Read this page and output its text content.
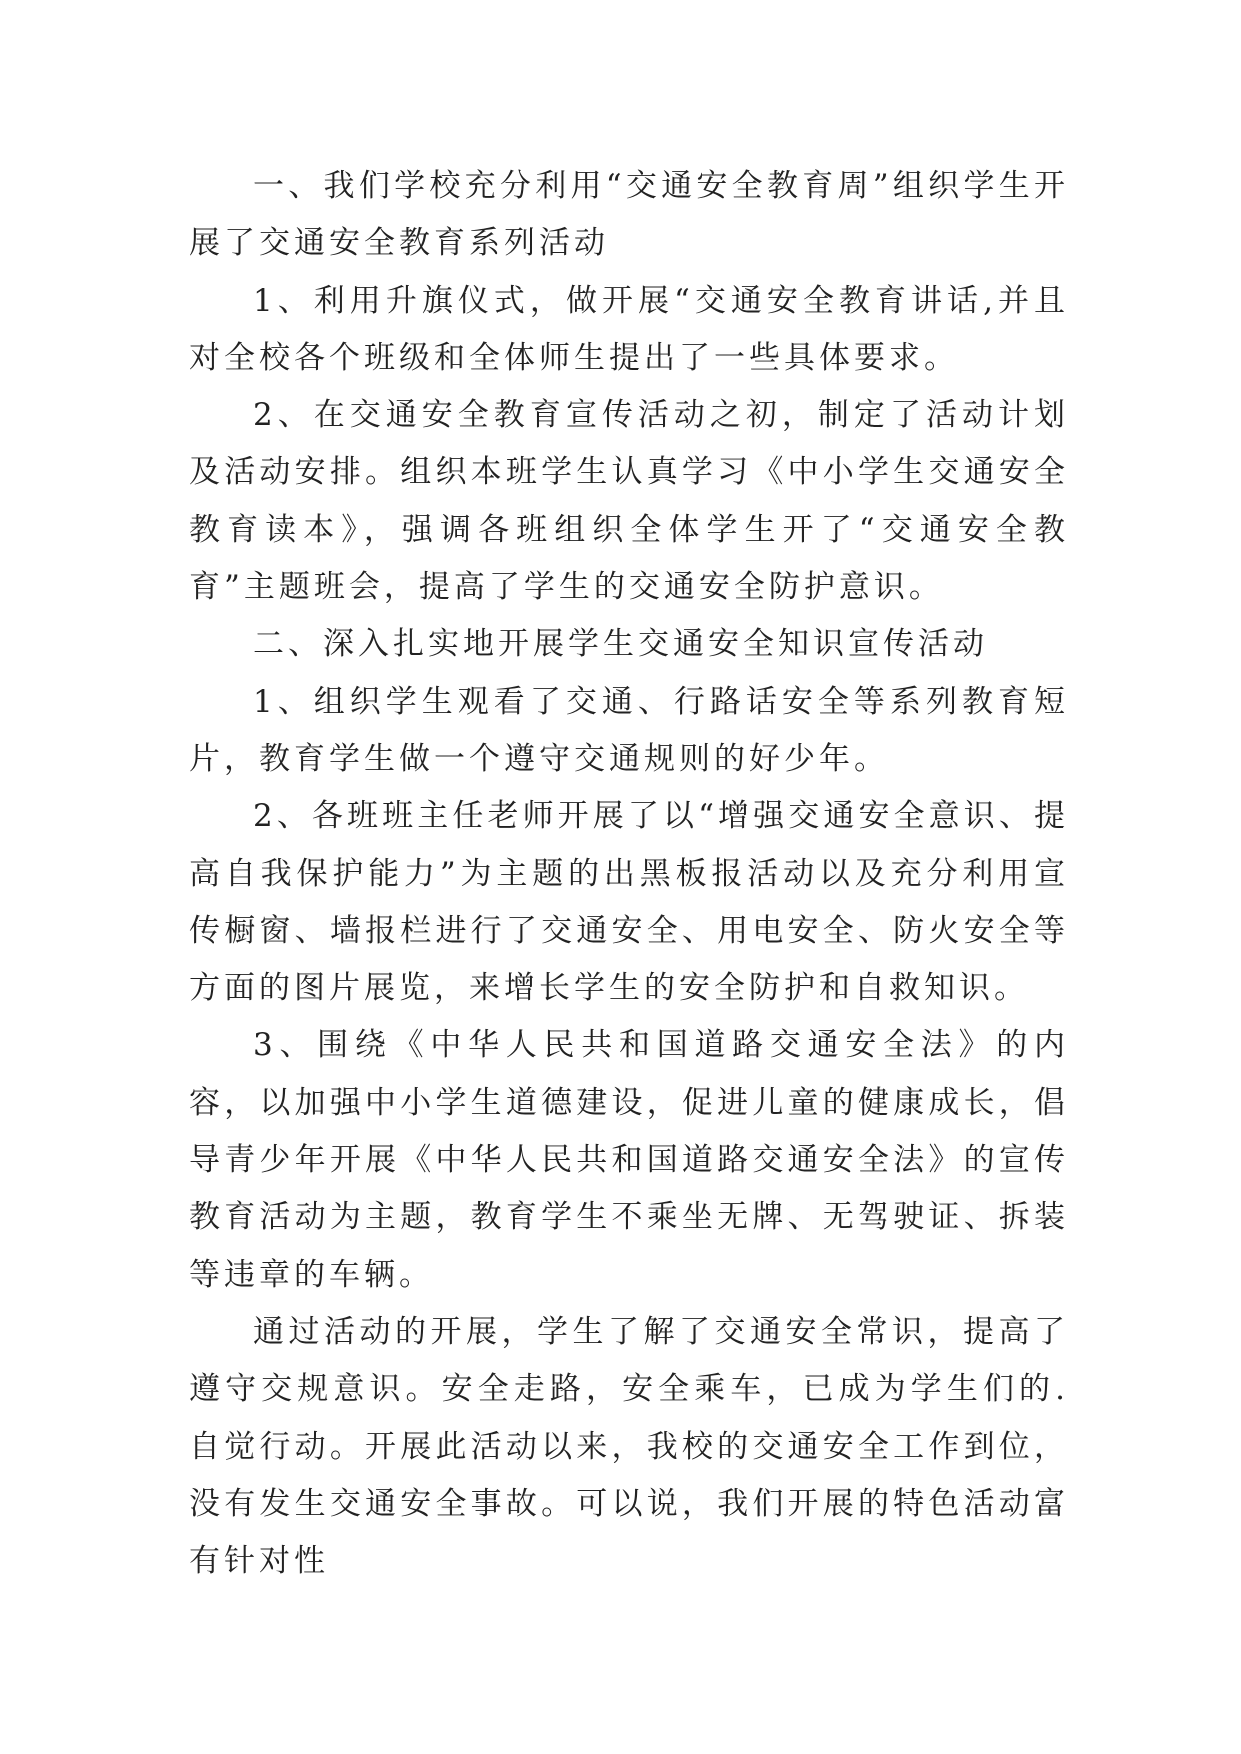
一、我们学校充分利用“交通安全教育周”组织学生开展了交通安全教育系列活动

1、利用升旗仪式，做开展“交通安全教育讲话,并且对全校各个班级和全体师生提出了一些具体要求。

2、在交通安全教育宣传活动之初，制定了活动计划及活动安排。组织本班学生认真学习《中小学生交通安全教育读本》，强调各班组织全体学生开了“交通安全教育”主题班会，提高了学生的交通安全防护意识。

二、深入扎实地开展学生交通安全知识宣传活动

1、组织学生观看了交通、行路话安全等系列教育短片，教育学生做一个遵守交通规则的好少年。

2、各班班主任老师开展了以“增强交通安全意识、提高自我保护能力”为主题的出黑板报活动以及充分利用宣传橱窗、墙报栏进行了交通安全、用电安全、防火安全等方面的图片展览，来增长学生的安全防护和自救知识。

3、围绕《中华人民共和国道路交通安全法》的内容，以加强中小学生道德建设，促进儿童的健康成长，倡导青少年开展《中华人民共和国道路交通安全法》的宣传教育活动为主题，教育学生不乘坐无牌、无驾驶证、拆装等违章的车辆。

通过活动的开展，学生了解了交通安全常识，提高了遵守交规意识。安全走路，安全乘车，已成为学生们的.自觉行动。开展此活动以来，我校的交通安全工作到位，没有发生交通安全事故。可以说，我们开展的特色活动富有针对性
